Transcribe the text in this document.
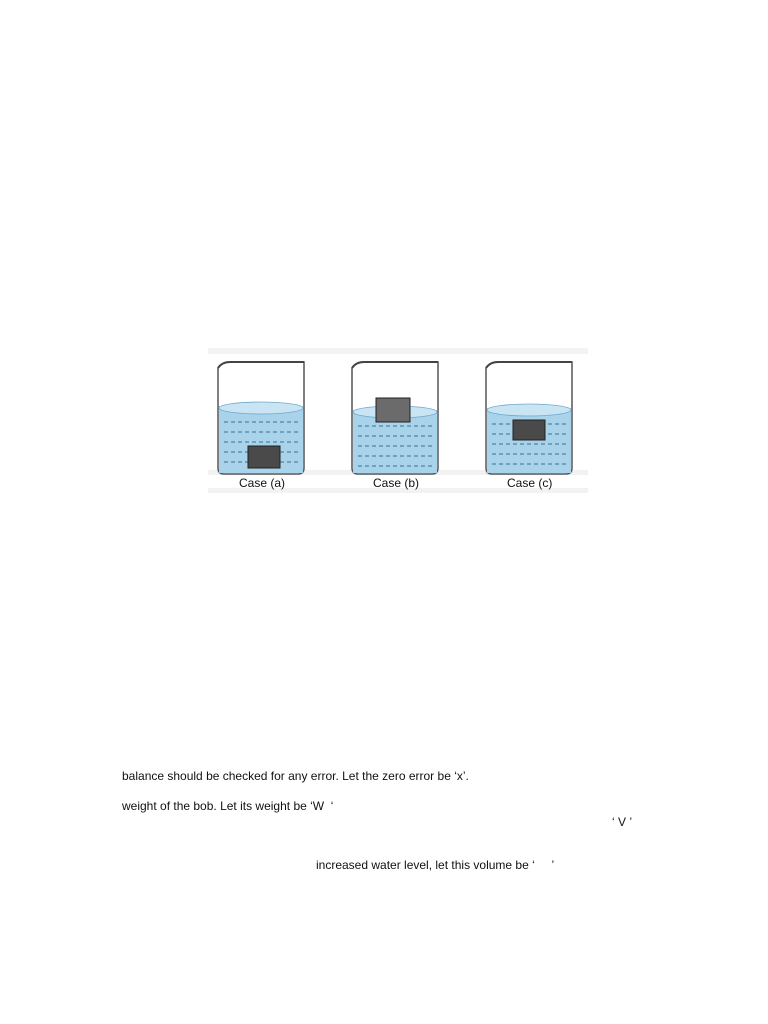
Case (a)	Case (b)	Case (c)
balance should be checked for any error. Let the zero error be ‘x’.
weight of the bob. Let its weight be ‘W  ‘
‘ V ’
increased water level, let this volume be ‘     ’
